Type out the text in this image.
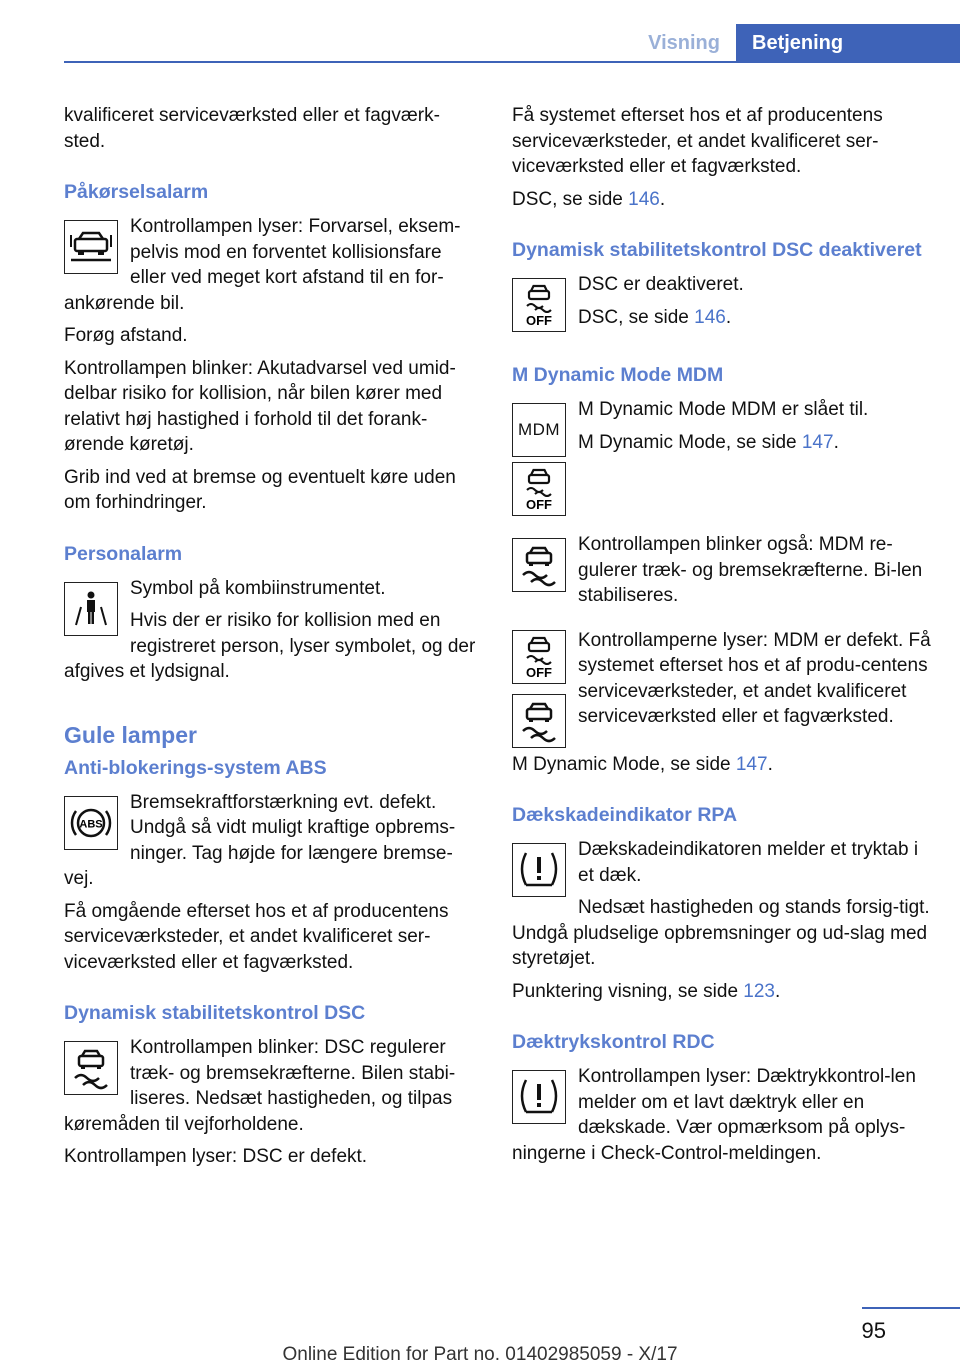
Visning	Betjening

kvalificeret serviceværksted eller et fagværk-sted.

Påkørselsalarm

Kontrollampen lyser: Forvarsel, eksem-pelvis mod en forventet kollisionsfare eller ved meget kort afstand til en for-ankørende bil.

Forøg afstand.

Kontrollampen blinker: Akutadvarsel ved umid-delbar risiko for kollision, når bilen kører med relativt høj hastighed i forhold til det forank-ørende køretøj.

Grib ind ved at bremse og eventuelt køre uden om forhindringer.

Personalarm

Symbol på kombiinstrumentet.

Hvis der er risiko for kollision med en registreret person, lyser symbolet, og der afgives et lydsignal.

Gule lamper
Anti-blokerings-system ABS
ABS

Bremsekraftforstærkning evt. defekt. Undgå så vidt muligt kraftige opbrems-ninger. Tag højde for længere bremse-vej.

Få omgående efterset hos et af producentens serviceværksteder, et andet kvalificeret ser-viceværksted eller et fagværksted.

Dynamisk stabilitetskontrol DSC

Kontrollampen blinker: DSC regulerer træk- og bremsekræfterne. Bilen stabi-liseres. Nedsæt hastigheden, og tilpas køremåden til vejforholdene.

Kontrollampen lyser: DSC er defekt.

Få systemet efterset hos et af producentens serviceværksteder, et andet kvalificeret ser-viceværksted eller et fagværksted.

DSC, se side 146.

Dynamisk stabilitetskontrol DSC deaktiveret
OFF

DSC er deaktiveret.

DSC, se side 146.

M Dynamic Mode MDM
MDM

M Dynamic Mode MDM er slået til.

M Dynamic Mode, se side 147.

OFF

Kontrollampen blinker også: MDM re-gulerer træk- og bremsekræfterne. Bi-len stabiliseres.

OFF

Kontrollamperne lyser: MDM er defekt. Få systemet efterset hos et af produ-centens serviceværksteder, et andet kvalificeret serviceværksted eller et fagværksted.

M Dynamic Mode, se side 147.

Dækskadeindikator RPA

Dækskadeindikatoren melder et tryktab i et dæk.

Nedsæt hastigheden og stands forsig-tigt. Undgå pludselige opbremsninger og ud-slag med styretøjet.

Punktering visning, se side 123.

Dæktrykskontrol RDC

Kontrollampen lyser: Dæktrykkontrol-len melder om et lavt dæktryk eller en dækskade. Vær opmærksom på oplys-ningerne i Check-Control-meldingen.

95
Online Edition for Part no. 01402985059 - X/17
